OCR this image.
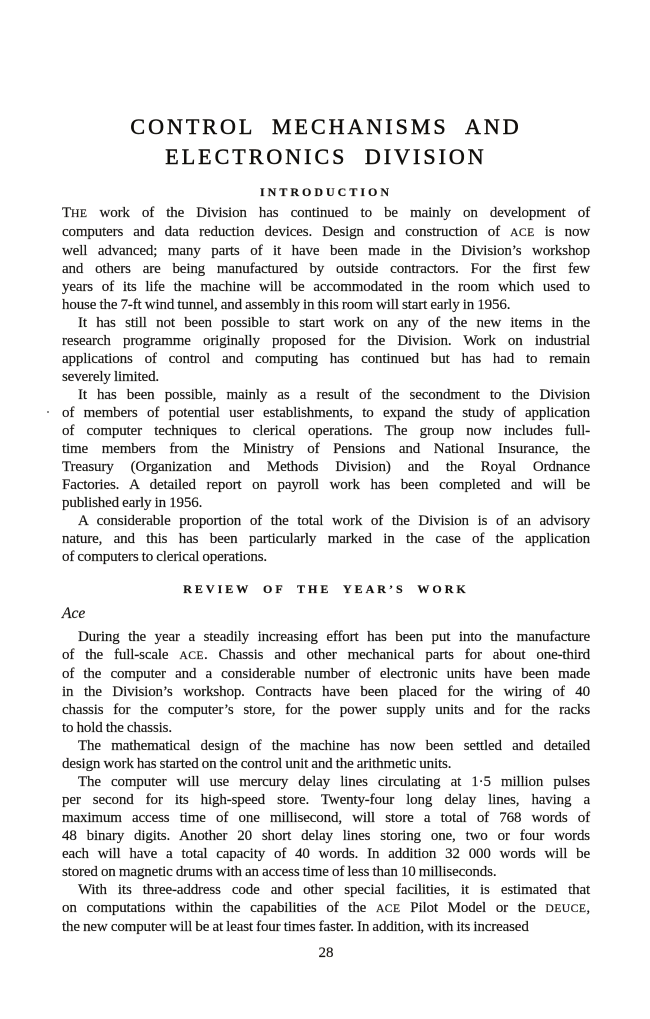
CONTROL MECHANISMS AND
ELECTRONICS DIVISION
INTRODUCTION
THE work of the Division has continued to be mainly on development of
computers and data reduction devices. Design and construction of ACE is now
well advanced; many parts of it have been made in the Division’s workshop
and others are being manufactured by outside contractors. For the first few
years of its life the machine will be accommodated in the room which used to
house the 7-ft wind tunnel, and assembly in this room will start early in 1956.
It has still not been possible to start work on any of the new items in the
research programme originally proposed for the Division. Work on industrial
applications of control and computing has continued but has had to remain
severely limited.
It has been possible, mainly as a result of the secondment to the Division
of members of potential user establishments, to expand the study of application
of computer techniques to clerical operations. The group now includes full-
time members from the Ministry of Pensions and National Insurance, the
Treasury (Organization and Methods Division) and the Royal Ordnance
Factories. A detailed report on payroll work has been completed and will be
published early in 1956.
A considerable proportion of the total work of the Division is of an advisory
nature, and this has been particularly marked in the case of the application
of computers to clerical operations.
REVIEW OF THE YEAR’S WORK
Ace
During the year a steadily increasing effort has been put into the manufacture
of the full-scale ACE. Chassis and other mechanical parts for about one-third
of the computer and a considerable number of electronic units have been made
in the Division’s workshop. Contracts have been placed for the wiring of 40
chassis for the computer’s store, for the power supply units and for the racks
to hold the chassis.
The mathematical design of the machine has now been settled and detailed
design work has started on the control unit and the arithmetic units.
The computer will use mercury delay lines circulating at 1·5 million pulses
per second for its high-speed store. Twenty-four long delay lines, having a
maximum access time of one millisecond, will store a total of 768 words of
48 binary digits. Another 20 short delay lines storing one, two or four words
each will have a total capacity of 40 words. In addition 32 000 words will be
stored on magnetic drums with an access time of less than 10 milliseconds.
With its three-address code and other special facilities, it is estimated that
on computations within the capabilities of the ACE Pilot Model or the DEUCE,
the new computer will be at least four times faster. In addition, with its increased
28
